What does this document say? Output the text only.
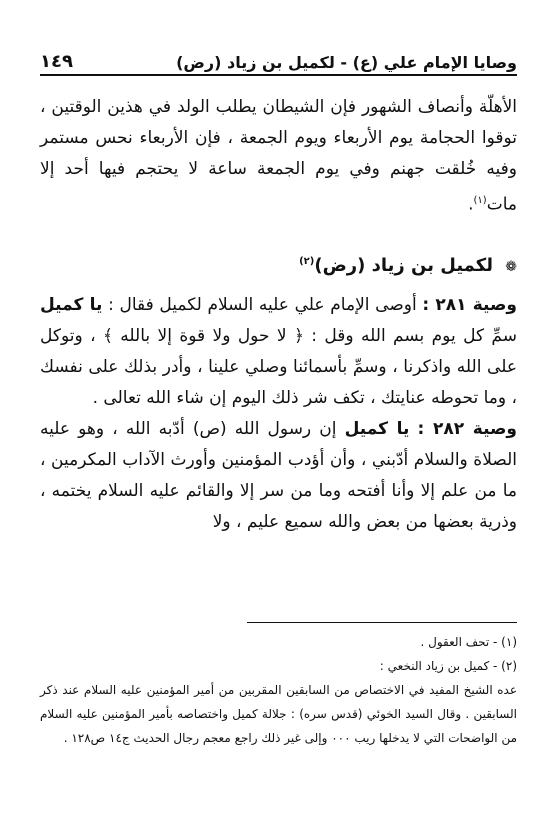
١٤٩	وصايا الإمام علي (ع) - لكميل بن زياد (رض)

الأهلّة وأنصاف الشهور فإن الشيطان يطلب الولد في هذين الوقتين ، توقوا الحجامة يوم الأربعاء ويوم الجمعة ، فإن الأربعاء نحس مستمر وفيه خُلقت جهنم وفي يوم الجمعة ساعة لا يحتجم فيها أحد إلا مات$^{(١)}$.

❁ لكميل بن زياد (رض)$^{(٢)}$

وصية ٢٨١ : أوصى الإمام علي عليه السلام لكميل فقال : يا كميل سمِّ كل يوم بسم الله وقل : ﴿ لا حول ولا قوة إلا بالله ﴾ ، وتوكل على الله واذكرنا ، وسمِّ بأسمائنا وصلي علينا ، وأدر بذلك على نفسك ، وما تحوطه عنايتك ، تكف شر ذلك اليوم إن شاء الله تعالى .

وصية ٢٨٢ : يا كميل إن رسول الله (ص) أدّبه الله ، وهو عليه الصلاة والسلام أدّبني ، وأن أؤدب المؤمنين وأورث الآداب المكرمين ، ما من علم إلا وأنا أفتحه وما من سر إلا والقائم عليه السلام يختمه ، وذرية بعضها من بعض والله سميع عليم ، ولا

(١) - تحف العقول .

(٢) - كميل بن زياد النخعي :

عده الشيخ المفيد في الاختصاص من السابقين المقربين من أمير المؤمنين عليه السلام عند ذكر السابقين . وقال السيد الخوئي (قدس سره) : جلالة كميل واختصاصه بأمير المؤمنين عليه السلام من الواضحات التي لا يدخلها ريب ٠٠٠ وإلى غير ذلك راجع معجم رجال الحديث ج١٤ ص١٢٨ .
